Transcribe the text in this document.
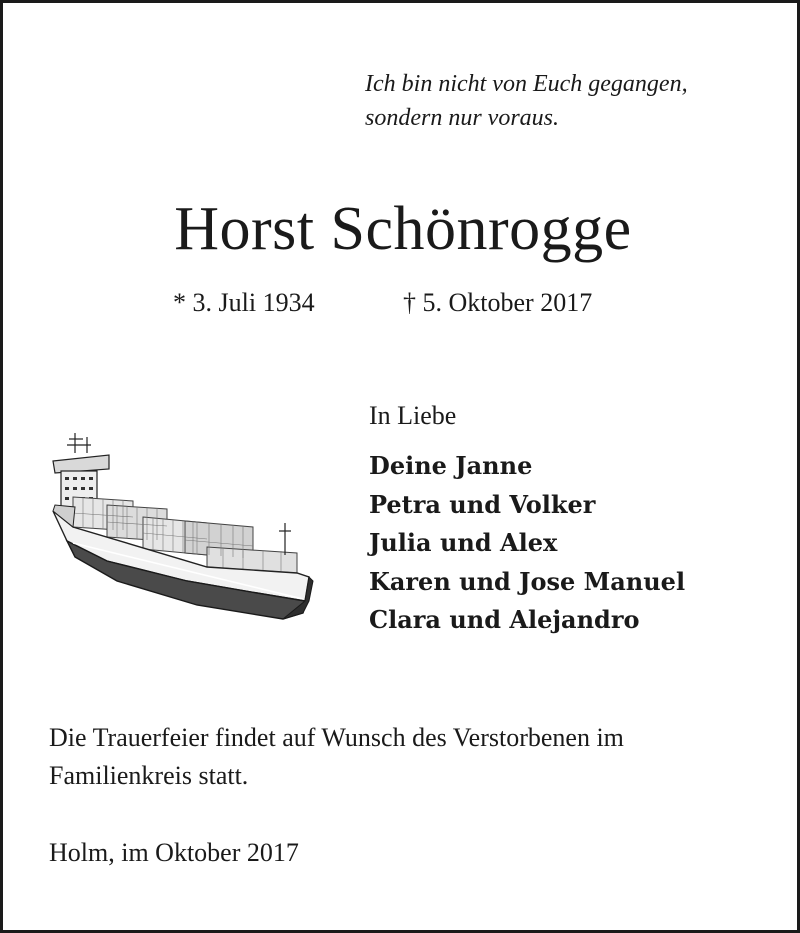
Ich bin nicht von Euch gegangen,
sondern nur voraus.
Horst Schönrogge
* 3. Juli 1934	† 5. Oktober 2017
In Liebe
Deine Janne
Petra und Volker
Julia und Alex
Karen und Jose Manuel
Clara und Alejandro

Die Trauerfeier findet auf Wunsch des Verstorbenen im
Familienkreis statt.

Holm, im Oktober 2017
